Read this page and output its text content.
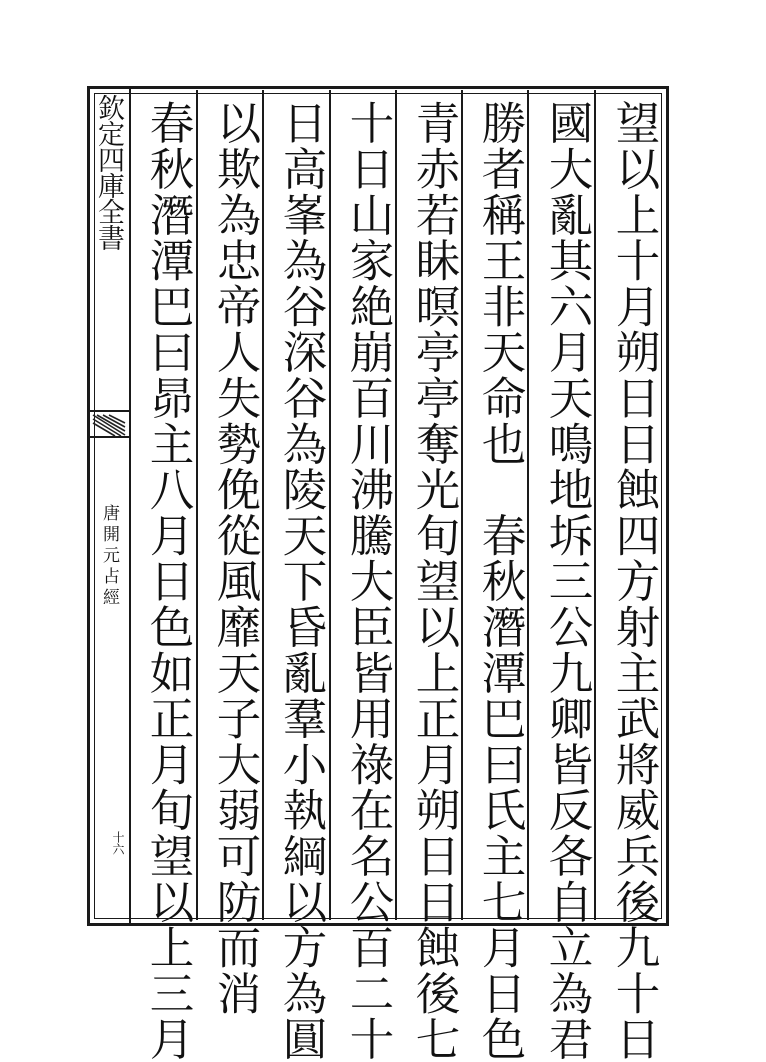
欽定四庫全書
唐開元占經
十六	望以上十月朔日日蝕四方射主武將威兵後九十日
國大亂其六月天鳴地坼三公九卿皆反各自立為君
勝者稱王非天命也　春秋潛潭巴曰氏主七月日色
青赤若眛暝亭亭奪光旬望以上正月朔日日蝕後七
十日山家絶崩百川沸騰大臣皆用祿在名公百二十
日高峯為谷深谷為陵天下昏亂羣小執綱以方為圓
以欺為忠帝人失勢俛從風靡天子大弱可防而消
春秋潛潭巴曰昴主八月日色如正月旬望以上三月
